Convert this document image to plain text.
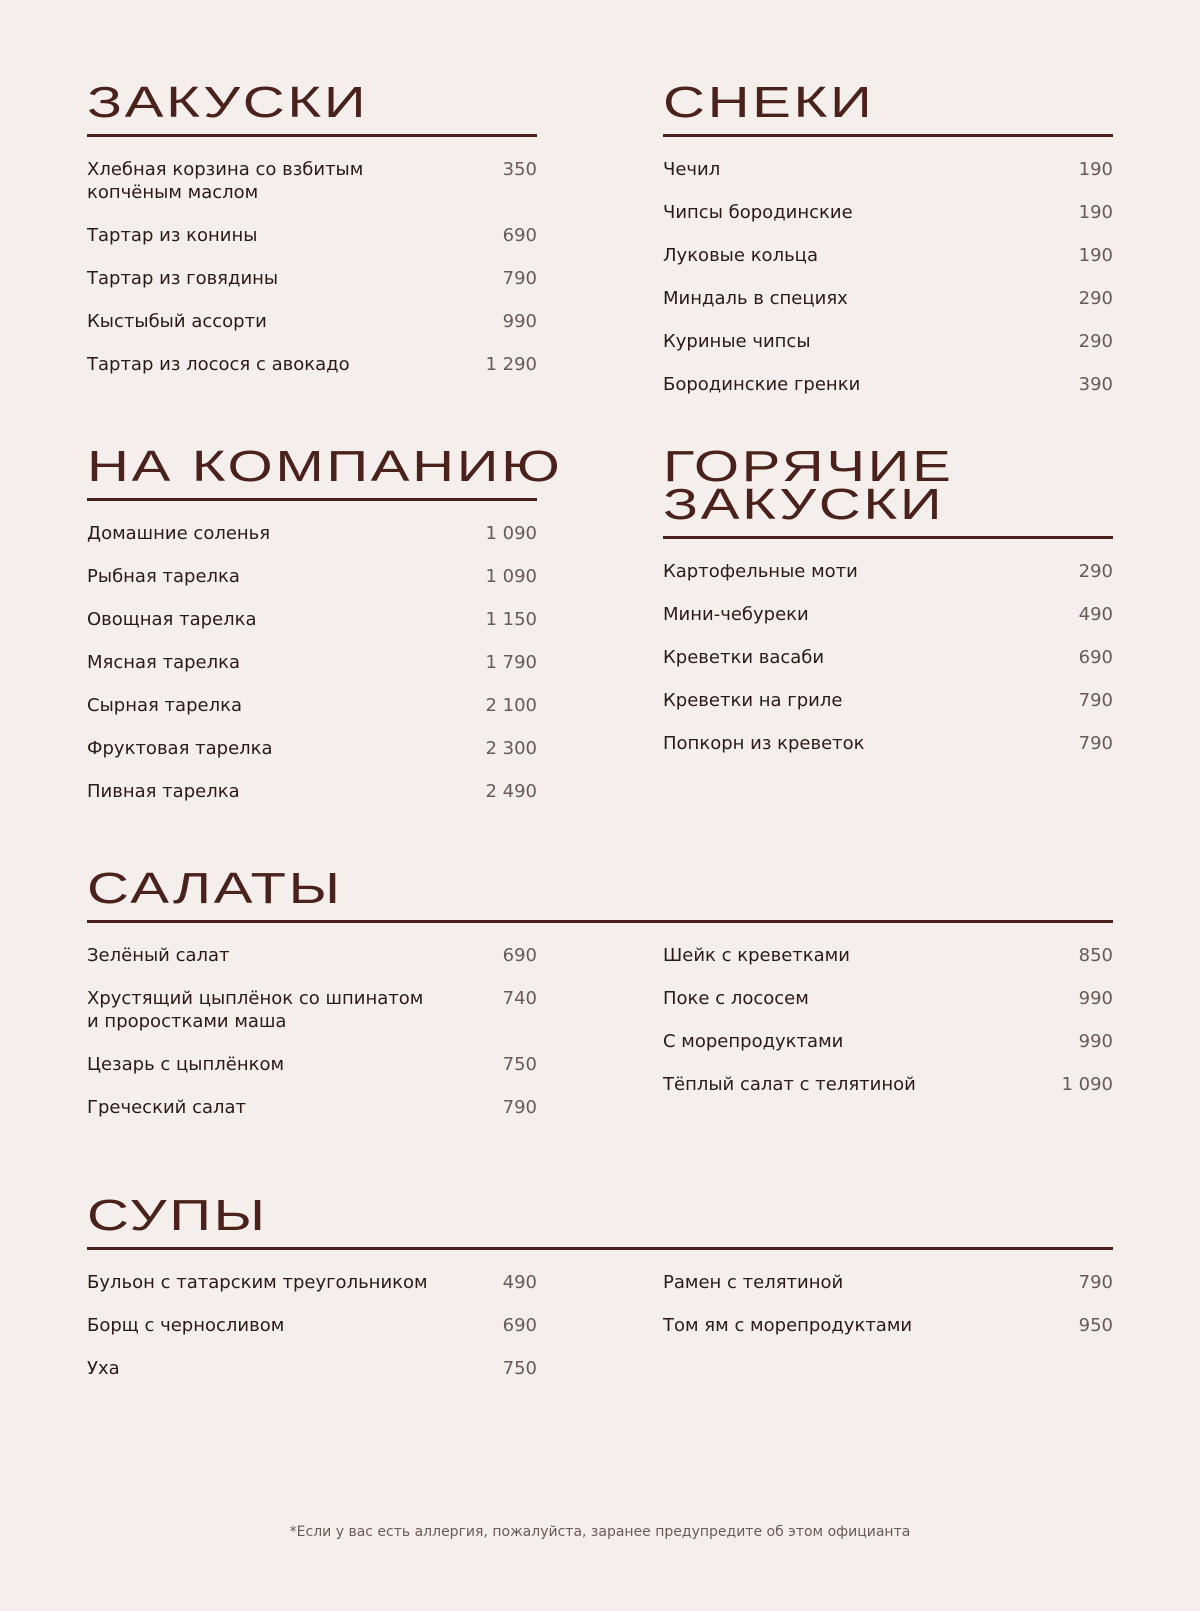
ЗАКУСКИ
Хлебная корзина со взбитым
копчёным маслом
350
Тартар из конины	690
Тартар из говядины	790
Кыстыбый ассорти	990
Тартар из лосося с авокадо	1 290
СНЕКИ
Чечил	190
Чипсы бородинские	190
Луковые кольца	190
Миндаль в специях	290
Куриные чипсы	290
Бородинские гренки	390
НА КОМПАНИЮ
Домашние соленья	1 090
Рыбная тарелка	1 090
Овощная тарелка	1 150
Мясная тарелка	1 790
Сырная тарелка	2 100
Фруктовая тарелка	2 300
Пивная тарелка	2 490
ГОРЯЧИЕ
ЗАКУСКИ
Картофельные моти	290
Мини-чебуреки	490
Креветки васаби	690
Креветки на гриле	790
Попкорн из креветок	790
САЛАТЫ
Зелёный салат	690
Хрустящий цыплёнок со шпинатом
и проростками маша
740
Цезарь с цыплёнком	750
Греческий салат	790
Шейк с креветками	850
Поке с лососем	990
С морепродуктами	990
Тёплый салат с телятиной	1 090
СУПЫ
Бульон с татарским треугольником	490
Борщ с черносливом	690
Уха	750
Рамен с телятиной	790
Том ям с морепродуктами	950
*Если у вас есть аллергия, пожалуйста, заранее предупредите об этом официанта
